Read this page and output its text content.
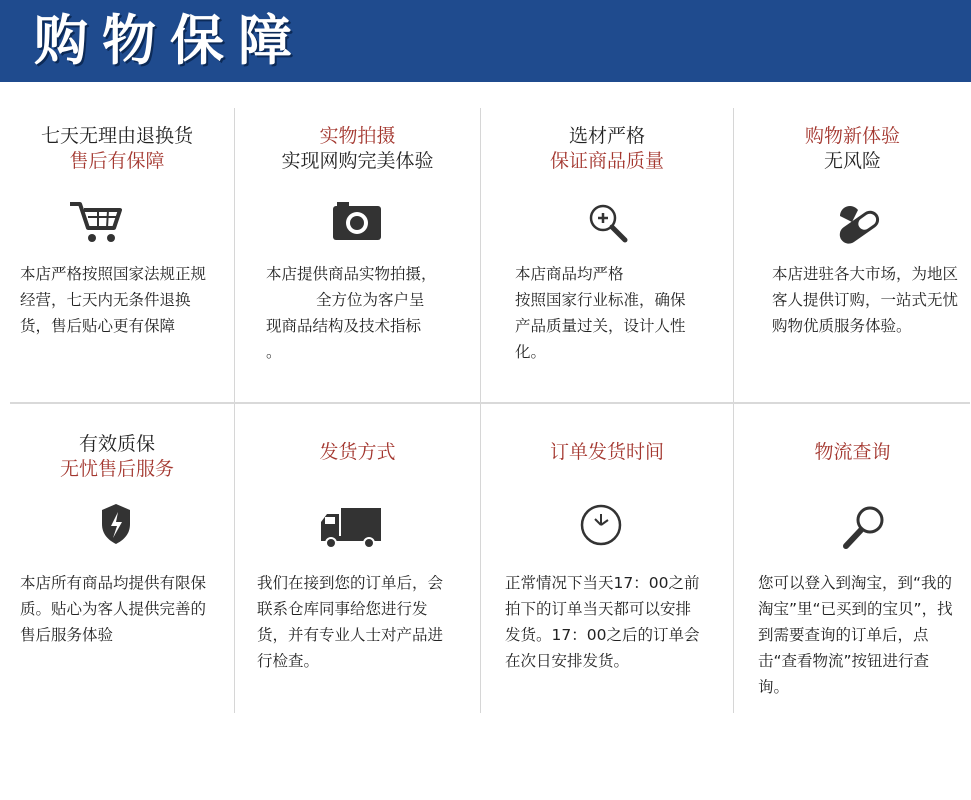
购物保障
七天无理由退换货
售后有保障

本店严格按照国家法规正规经营，七天内无条件退换货，售后贴心更有保障

实物拍摄
实现网购完美体验
本店提供商品实物拍摄，
全方位为客户呈
现商品结构及技术指标
。
选材严格
保证商品质量
本店商品均严格
按照国家行业标准，确保
产品质量过关，设计人性
化。
购物新体验
无风险

本店进驻各大市场，为地区客人提供订购，一站式无忧购物优质服务体验。

有效质保
无忧售后服务

本店所有商品均提供有限保质。贴心为客人提供完善的售后服务体验

发货方式

我们在接到您的订单后，会联系仓库同事给您进行发货，并有专业人士对产品进行检查。

订单发货时间

正常情况下当天17：00之前拍下的订单当天都可以安排发货。17：00之后的订单会在次日安排发货。

物流查询

您可以登入到淘宝，到“我的淘宝”里“已买到的宝贝”，找到需要查询的订单后，点击“查看物流”按钮进行查询。
